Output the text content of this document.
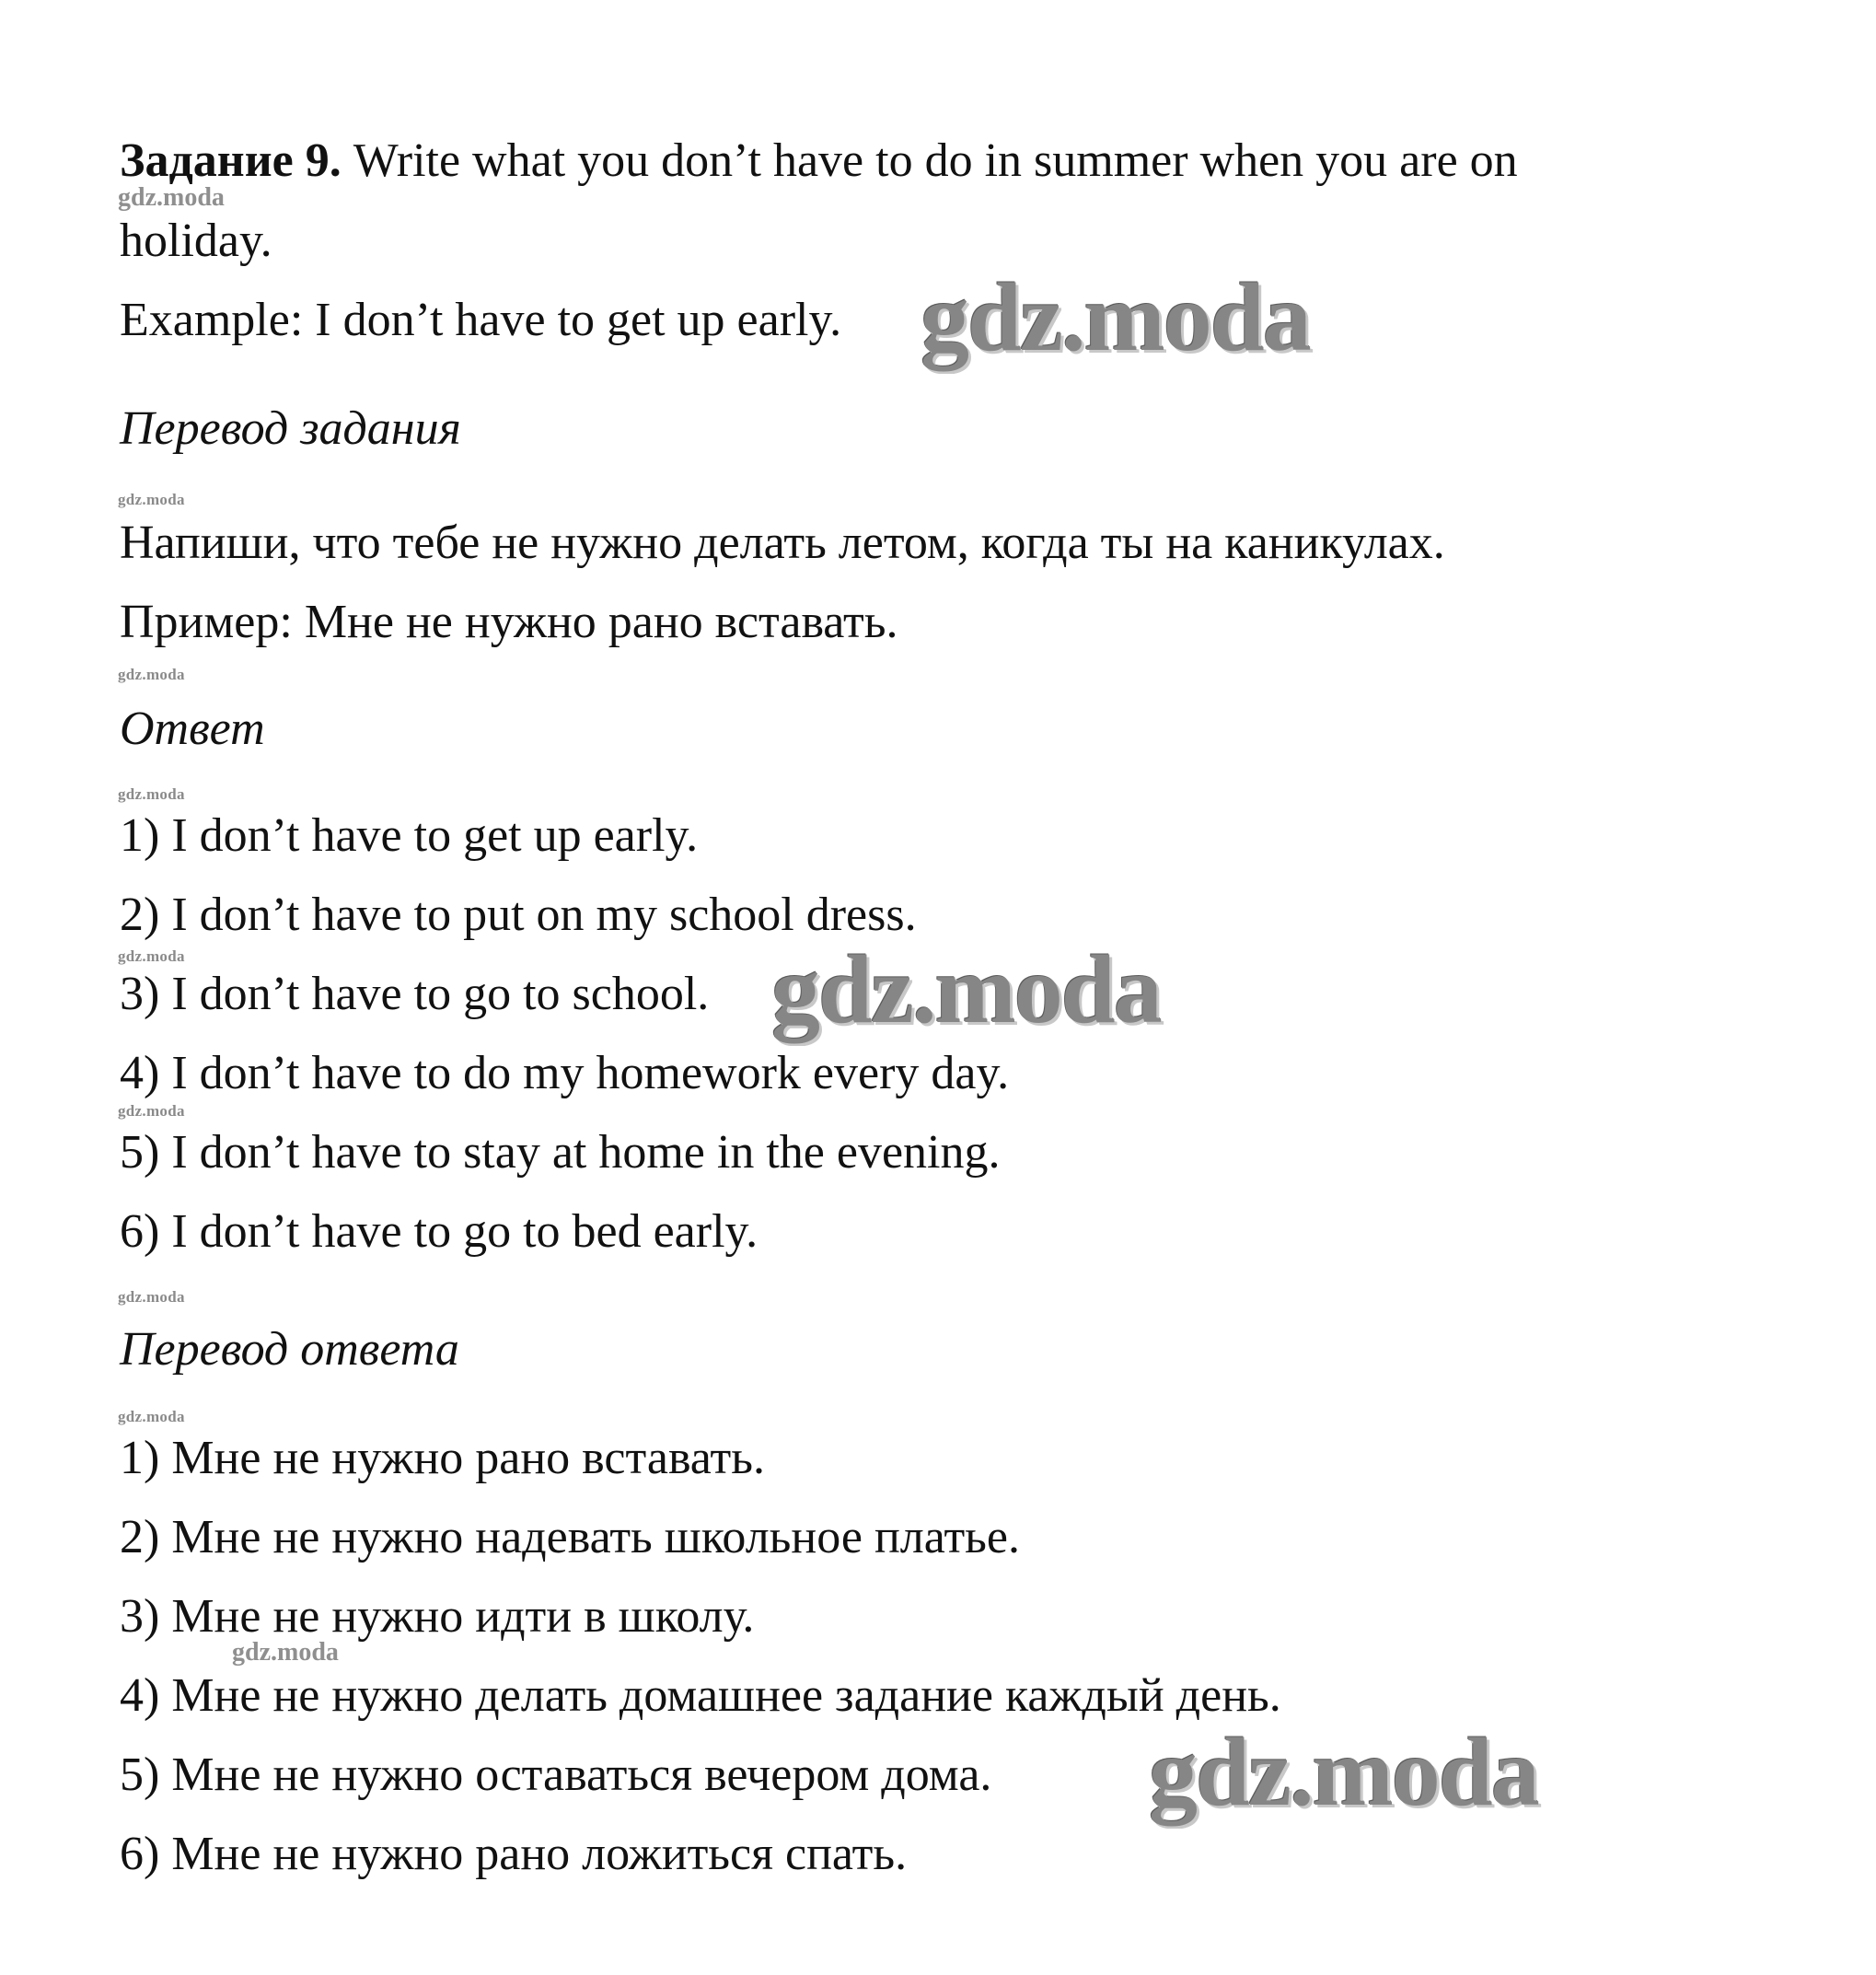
Задание 9. Write what you don’t have to do in summer when you are on
holiday.
Example: I don’t have to get up early.
Перевод задания
Напиши, что тебе не нужно делать летом, когда ты на каникулах.
Пример: Мне не нужно рано вставать.
Ответ
1) I don’t have to get up early.
2) I don’t have to put on my school dress.
3) I don’t have to go to school.
4) I don’t have to do my homework every day.
5) I don’t have to stay at home in the evening.
6) I don’t have to go to bed early.
Перевод ответа
1) Мне не нужно рано вставать.
2) Мне не нужно надевать школьное платье.
3) Мне не нужно идти в школу.
4) Мне не нужно делать домашнее задание каждый день.
5) Мне не нужно оставаться вечером дома.
6) Мне не нужно рано ложиться спать.
gdz.moda
gdz.moda
gdz.moda
gdz.moda
gdz.moda
gdz.moda	gdz.moda
gdz.moda
gdz.moda
gdz.moda
gdz.moda
gdz.moda
